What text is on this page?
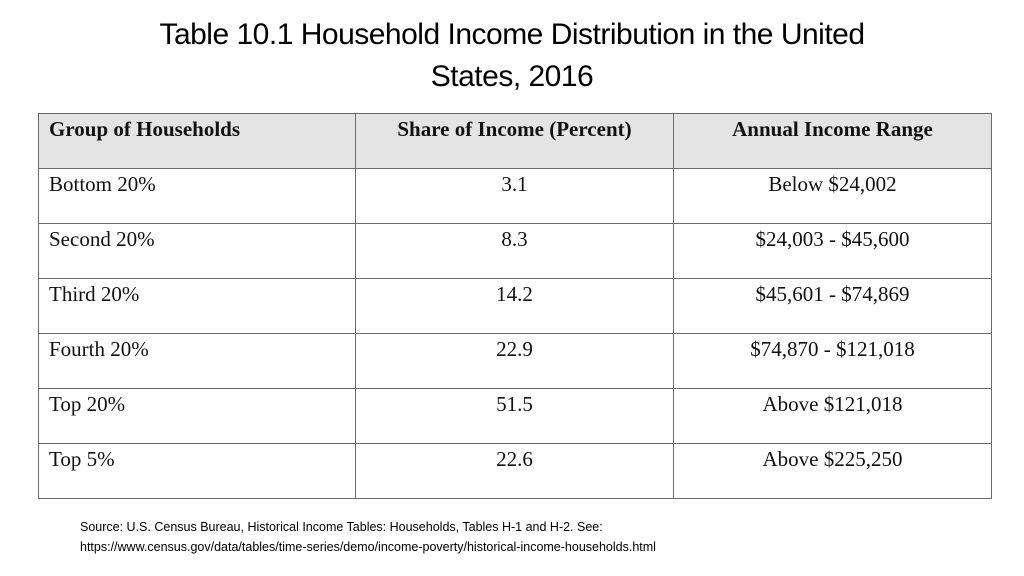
Table 10.1 Household Income Distribution in the United
States, 2016
Group of Households	Share of Income (Percent)	Annual Income Range
Bottom 20%	3.1	Below $24,002
Second 20%	8.3	$24,003 - $45,600
Third 20%	14.2	$45,601 - $74,869
Fourth 20%	22.9	$74,870 - $121,018
Top 20%	51.5	Above $121,018
Top 5%	22.6	Above $225,250
Source: U.S. Census Bureau, Historical Income Tables: Households, Tables H-1 and H-2. See:
https://www.census.gov/data/tables/time-series/demo/income-poverty/historical-income-households.html
